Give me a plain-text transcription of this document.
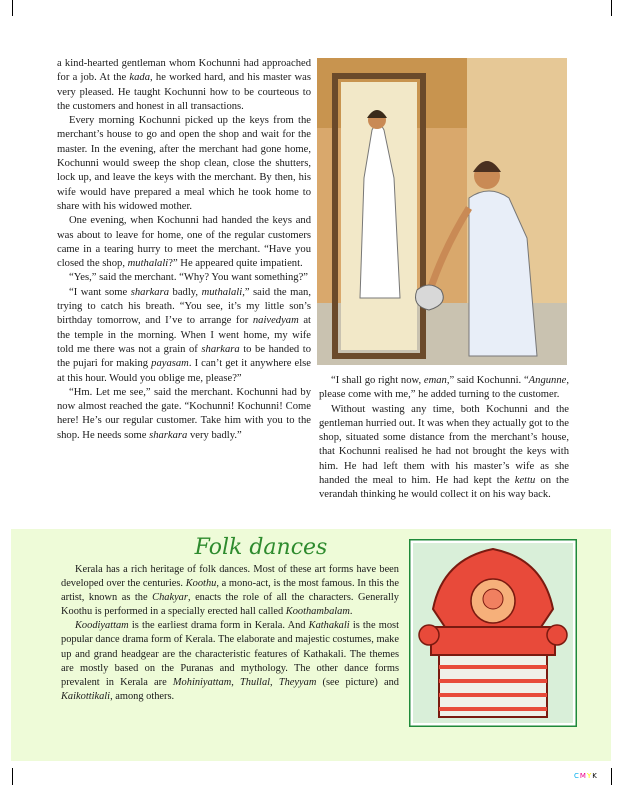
a kind-hearted gentleman whom Kochunni had approached for a job. At the kada, he worked hard, and his master was very pleased. He taught Kochunni how to be courteous to the customers and honest in all transactions.

Every morning Kochunni picked up the keys from the merchant’s house to go and open the shop and wait for the master. In the evening, after the merchant had gone home, Kochunni would sweep the shop clean, close the shutters, lock up, and leave the keys with the merchant. By then, his wife would have prepared a meal which he took home to share with his widowed mother.

One evening, when Kochunni had handed the keys and was about to leave for home, one of the regular customers came in a tearing hurry to meet the merchant. “Have you closed the shop, muthalali?” He appeared quite impatient.

“Yes,” said the merchant. “Why? You want something?”

“I want some sharkara badly, muthalali,” said the man, trying to catch his breath. “You see, it’s my little son’s birthday tomorrow, and I’ve to arrange for naivedyam at the temple in the morning. When I went home, my wife told me there was not a grain of sharkara to be handed to the pujari for making payasam. I can’t get it anywhere else at this hour. Would you oblige me, please?”

“Hm. Let me see,” said the merchant. Kochunni had by now almost reached the gate. “Kochunni! Kochunni! Come here! He’s our regular customer. Take him with you to the shop. He needs some sharkara very badly.”

“I shall go right now, eman,” said Kochunni. “Angunne, please come with me,” he added turning to the customer.

Without wasting any time, both Kochunni and the gentleman hurried out. It was when they actually got to the shop, situated some distance from the merchant’s house, that Kochunni realised he had not brought the keys with him. He had left them with his master’s wife as she handed the meal to him. He had kept the kettu on the verandah thinking he would collect it on his way back.

Folk dances

Kerala has a rich heritage of folk dances. Most of these art forms have been developed over the centuries. Koothu, a mono-act, is the most famous. In this the artist, known as the Chakyar, enacts the role of all the characters. Generally Koothu is performed in a specially erected hall called Koothambalam.

Koodiyattam is the earliest drama form in Kerala. And Kathakali is the most popular dance drama form of Kerala. The elaborate and majestic costumes, make up and grand headgear are the characteristic features of Kathakali. The themes are mostly based on the Puranas and mythology. The other dance forms prevalent in Kerala are Mohiniyattam, Thullal, Theyyam (see picture) and Kaikottikali, among others.

CMYK
